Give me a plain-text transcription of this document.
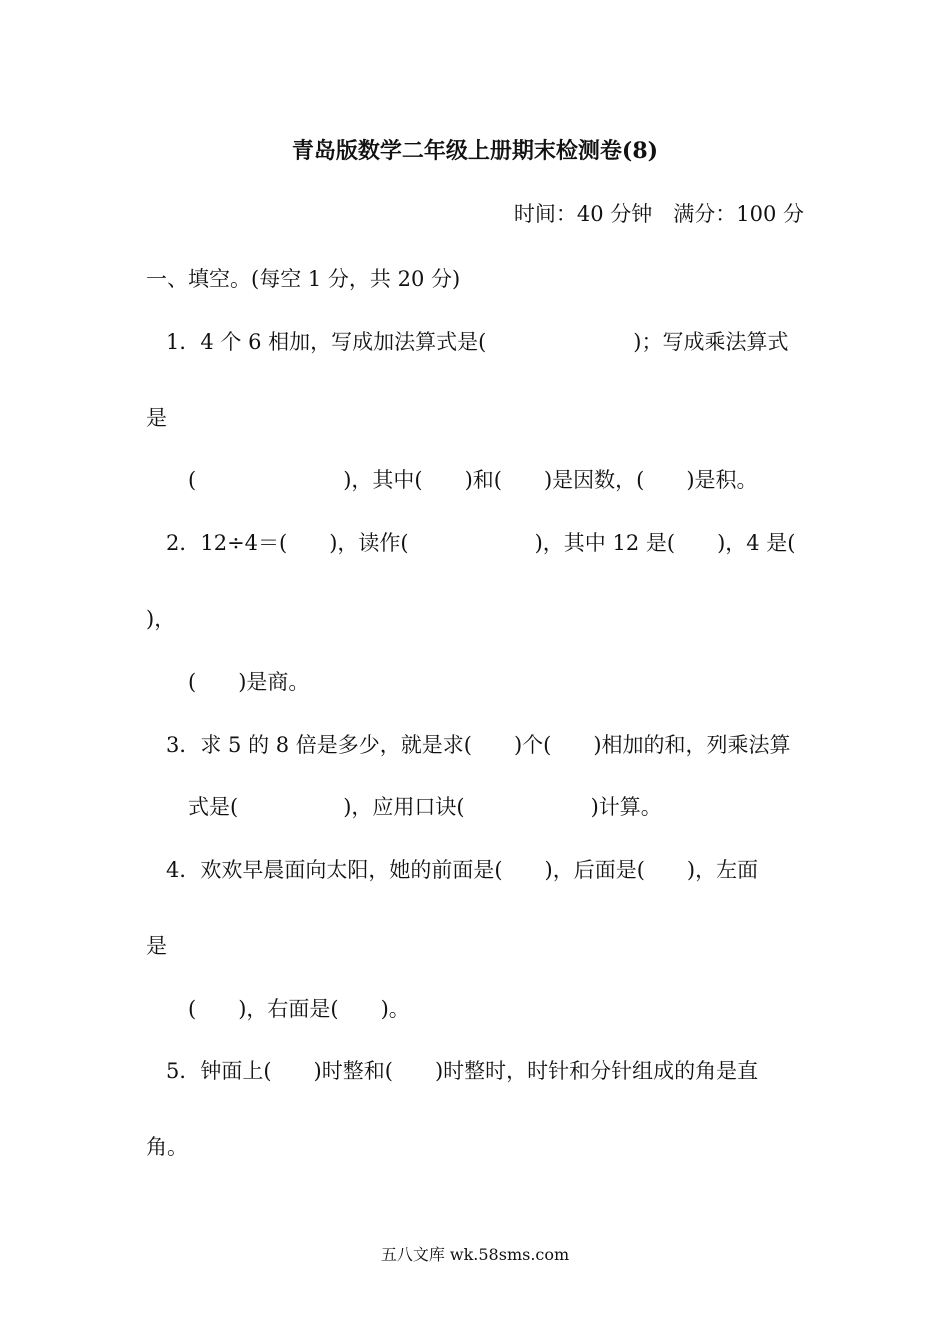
青岛版数学二年级上册期末检测卷(8)
时间：40 分钟　满分：100 分
一、填空。(每空 1 分，共 20 分)
1．4 个 6 相加，写成加法算式是(　　　　　　　)；写成乘法算式
是
(　　　　　　　)，其中(　　)和(　　)是因数，(　　)是积。
2．12÷4＝(　　)，读作(　　　　　　)，其中 12 是(　　)，4 是(
)，
(　　)是商。
3．求 5 的 8 倍是多少，就是求(　　)个(　　)相加的和，列乘法算
式是(　　　　　)，应用口诀(　　　　　　)计算。
4．欢欢早晨面向太阳，她的前面是(　　)，后面是(　　)，左面
是
(　　)，右面是(　　)。
5．钟面上(　　)时整和(　　)时整时，时针和分针组成的角是直
角。
五八文库 wk.58sms.com
